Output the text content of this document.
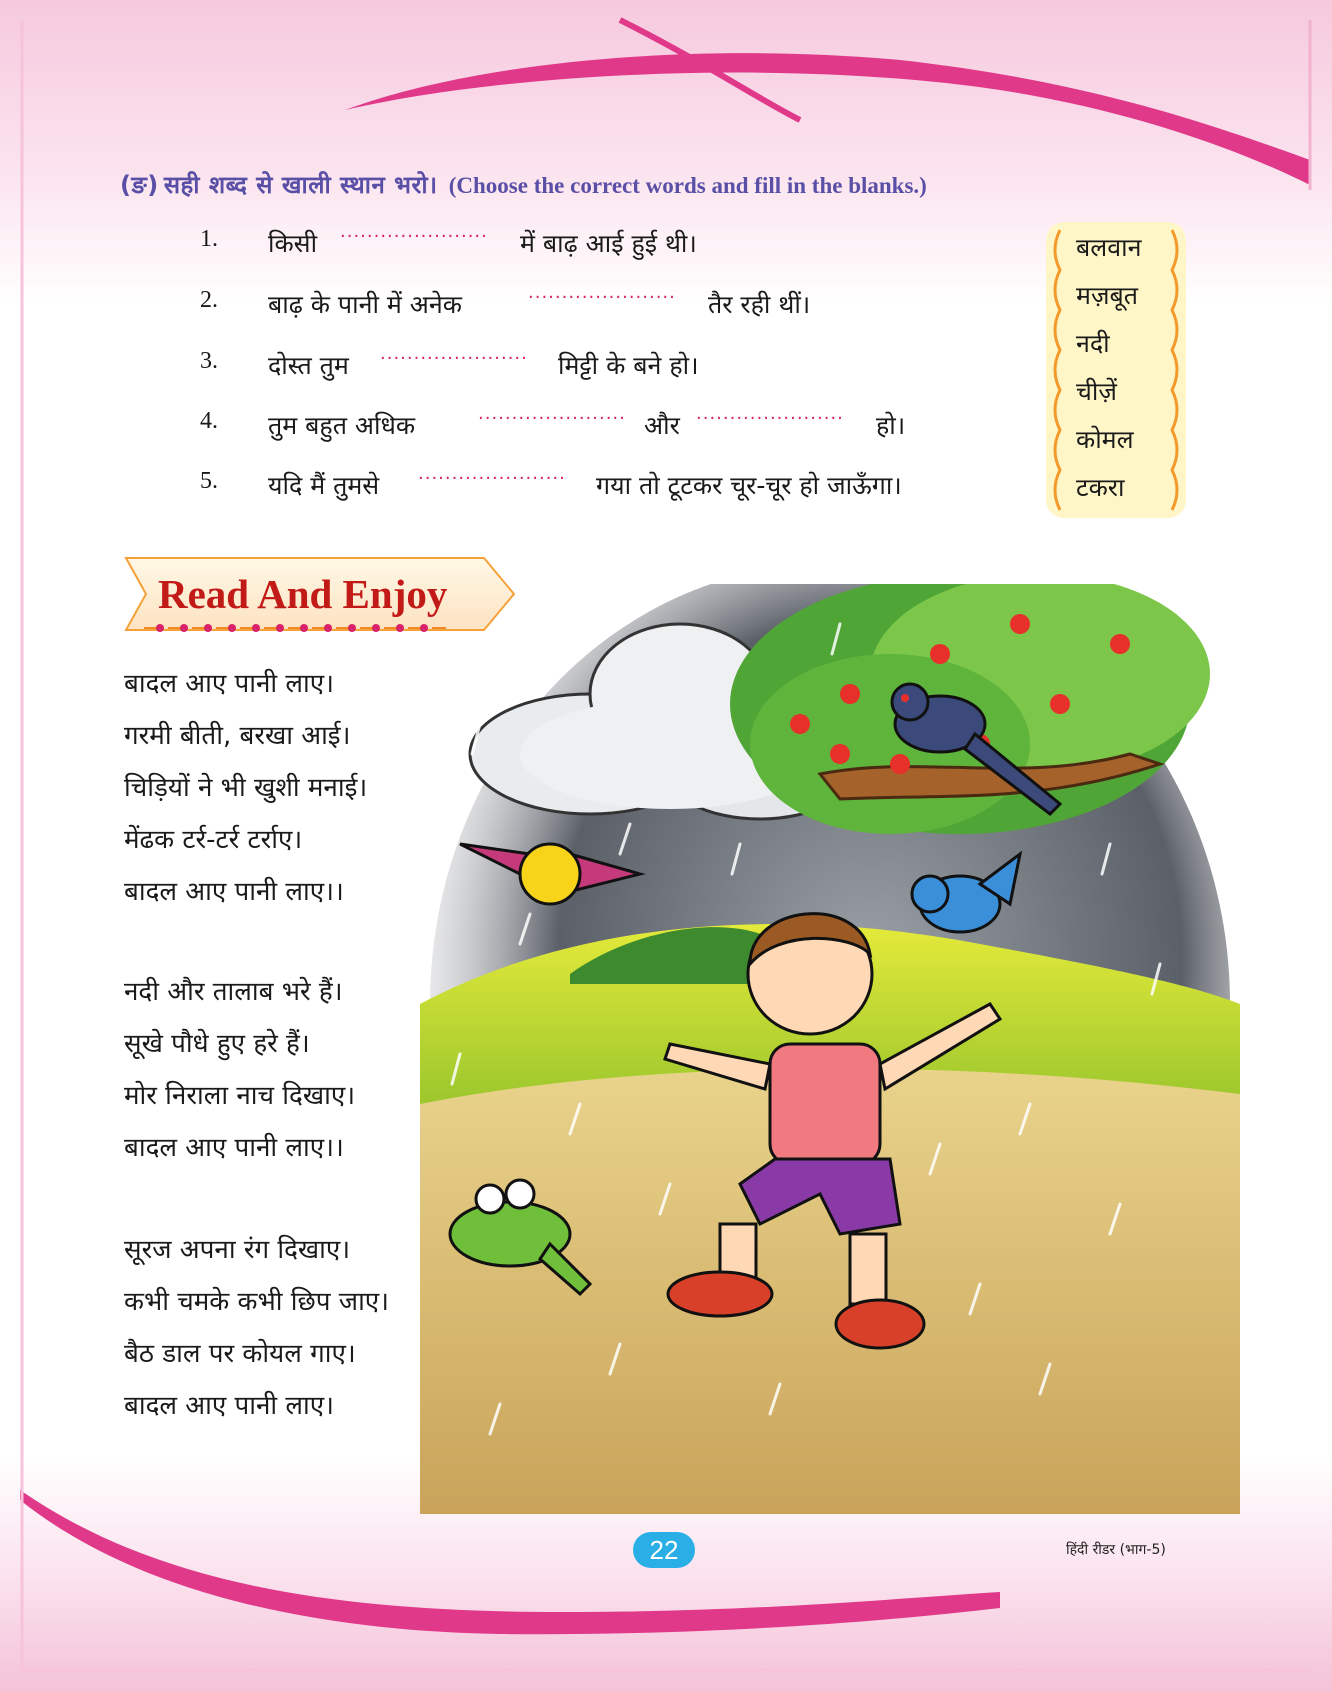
(ङ) सही शब्द से खाली स्थान भरो। (Choose the correct words and fill in the blanks.)
1. किसी ······················ में बाढ़ आई हुई थी।
2. बाढ़ के पानी में अनेक	······················ तैर रही थीं।
3. दोस्त तुम ······················ मिट्टी के बने हो।
4. तुम बहुत अधिक	······················ और ······················ हो।
5. यदि मैं तुमसे ······················ गया तो टूटकर चूर-चूर हो जाऊँगा।
बलवान
मज़बूत
नदी
चीज़ें
कोमल
टकरा
Read And Enjoy
बादल आए पानी लाए।
गरमी बीती, बरखा आई।
चिड़ियों ने भी खुशी मनाई।
मेंढक टर्र-टर्र टर्राए।
बादल आए पानी लाए।।
नदी और तालाब भरे हैं।
सूखे पौधे हुए हरे हैं।
मोर निराला नाच दिखाए।
बादल आए पानी लाए।।
सूरज अपना रंग दिखाए।
कभी चमके कभी छिप जाए।
बैठ डाल पर कोयल गाए।
बादल आए पानी लाए।
22	हिंदी रीडर (भाग-5)
